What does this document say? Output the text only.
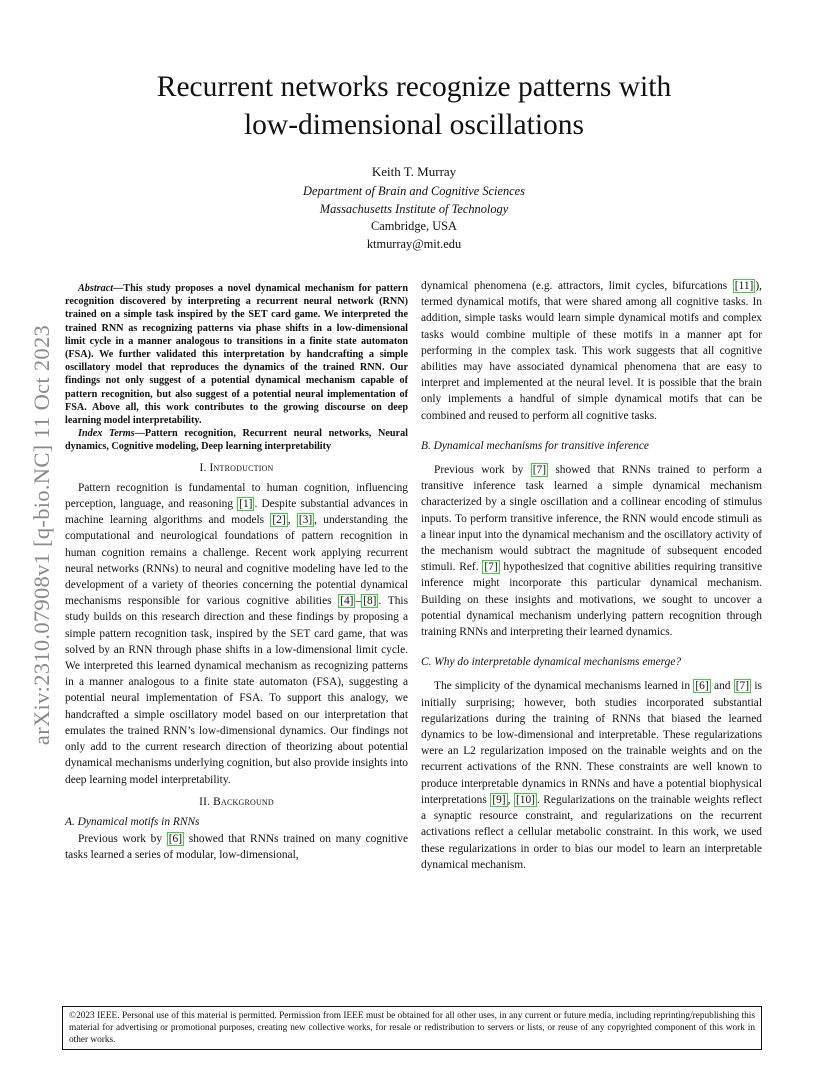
arXiv:2310.07908v1 [q-bio.NC] 11 Oct 2023
Recurrent networks recognize patterns with
low-dimensional oscillations
Keith T. Murray
Department of Brain and Cognitive Sciences
Massachusetts Institute of Technology
Cambridge, USA
ktmurray@mit.edu

Abstract—This study proposes a novel dynamical mechanism for pattern recognition discovered by interpreting a recurrent neural network (RNN) trained on a simple task inspired by the SET card game. We interpreted the trained RNN as recognizing patterns via phase shifts in a low-dimensional limit cycle in a manner analogous to transitions in a finite state automaton (FSA). We further validated this interpretation by handcrafting a simple oscillatory model that reproduces the dynamics of the trained RNN. Our findings not only suggest of a potential dynamical mechanism capable of pattern recognition, but also suggest of a potential neural implementation of FSA. Above all, this work contributes to the growing discourse on deep learning model interpretability.

Index Terms—Pattern recognition, Recurrent neural networks, Neural dynamics, Cognitive modeling, Deep learning interpretability

I. Introduction

Pattern recognition is fundamental to human cognition, influencing perception, language, and reasoning [1] . Despite substantial advances in machine learning algorithms and models [2] , [3] , understanding the computational and neurological foundations of pattern recognition in human cognition remains a challenge. Recent work applying recurrent neural networks (RNNs) to neural and cognitive modeling have led to the development of a variety of theories concerning the potential dynamical mechanisms responsible for various cognitive abilities [4] – [8] . This study builds on this research direction and these findings by proposing a simple pattern recognition task, inspired by the SET card game, that was solved by an RNN through phase shifts in a low-dimensional limit cycle. We interpreted this learned dynamical mechanism as recognizing patterns in a manner analogous to a finite state automaton (FSA), suggesting a potential neural implementation of FSA. To support this analogy, we handcrafted a simple oscillatory model based on our interpretation that emulates the trained RNN’s low-dimensional dynamics. Our findings not only add to the current research direction of theorizing about potential dynamical mechanisms underlying cognition, but also provide insights into deep learning model interpretability.

II. Background
A. Dynamical motifs in RNNs

Previous work by [6] showed that RNNs trained on many cognitive tasks learned a series of modular, low-dimensional,

dynamical phenomena (e.g. attractors, limit cycles, bifurcations [11] ), termed dynamical motifs, that were shared among all cognitive tasks. In addition, simple tasks would learn simple dynamical motifs and complex tasks would combine multiple of these motifs in a manner apt for performing in the complex task. This work suggests that all cognitive abilities may have associated dynamical phenomena that are easy to interpret and implemented at the neural level. It is possible that the brain only implements a handful of simple dynamical motifs that can be combined and reused to perform all cognitive tasks.

B. Dynamical mechanisms for transitive inference

Previous work by [7] showed that RNNs trained to perform a transitive inference task learned a simple dynamical mechanism characterized by a single oscillation and a collinear encoding of stimulus inputs. To perform transitive inference, the RNN would encode stimuli as a linear input into the dynamical mechanism and the oscillatory activity of the mechanism would subtract the magnitude of subsequent encoded stimuli. Ref. [7] hypothesized that cognitive abilities requiring transitive inference might incorporate this particular dynamical mechanism. Building on these insights and motivations, we sought to uncover a potential dynamical mechanism underlying pattern recognition through training RNNs and interpreting their learned dynamics.

C. Why do interpretable dynamical mechanisms emerge?

The simplicity of the dynamical mechanisms learned in [6] and [7] is initially surprising; however, both studies incorporated substantial regularizations during the training of RNNs that biased the learned dynamics to be low-dimensional and interpretable. These regularizations were an L2 regularization imposed on the trainable weights and on the recurrent activations of the RNN. These constraints are well known to produce interpretable dynamics in RNNs and have a potential biophysical interpretations [9] , [10] . Regularizations on the trainable weights reflect a synaptic resource constraint, and regularizations on the recurrent activations reflect a cellular metabolic constraint. In this work, we used these regularizations in order to bias our model to learn an interpretable dynamical mechanism.

©2023 IEEE. Personal use of this material is permitted. Permission from IEEE must be obtained for all other uses, in any current or future media, including reprinting/republishing this material for advertising or promotional purposes, creating new collective works, for resale or redistribution to servers or lists, or reuse of any copyrighted component of this work in other works.
